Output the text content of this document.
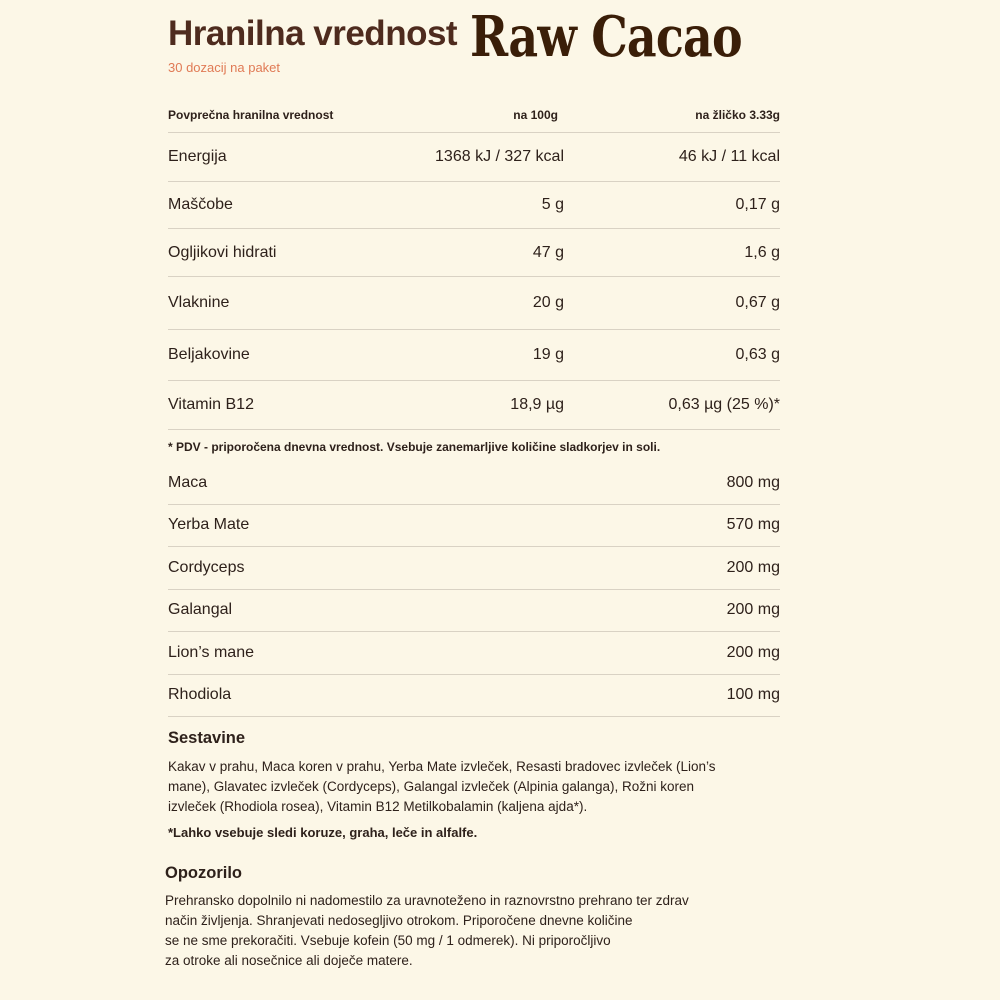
Hranilna vrednost Raw Cacao
30 dozacij na paket
Povprečna hranilna vrednost	na 100g	na žličko 3.33g
Energija	1368 kJ / 327 kcal	46 kJ / 11 kcal
Maščobe	5 g	0,17 g
Ogljikovi hidrati	47 g	1,6 g
Vlaknine	20 g	0,67 g
Beljakovine	19 g	0,63 g
Vitamin B12	18,9 µg	0,63 µg (25 %)*
* PDV - priporočena dnevna vrednost. Vsebuje zanemarljive količine sladkorjev in soli.
Maca	800 mg
Yerba Mate	570 mg
Cordyceps	200 mg
Galangal	200 mg
Lion’s mane	200 mg
Rhodiola	100 mg
Sestavine
Kakav v prahu, Maca koren v prahu, Yerba Mate izvleček, Resasti bradovec izvleček (Lion’s
mane), Glavatec izvleček (Cordyceps), Galangal izvleček (Alpinia galanga), Rožni koren
izvleček (Rhodiola rosea), Vitamin B12 Metilkobalamin (kaljena ajda*).
*Lahko vsebuje sledi koruze, graha, leče in alfalfe.
Opozorilo
Prehransko dopolnilo ni nadomestilo za uravnoteženo in raznovrstno prehrano ter zdrav
način življenja. Shranjevati nedosegljivo otrokom. Priporočene dnevne količine
se ne sme prekoračiti. Vsebuje kofein (50 mg / 1 odmerek). Ni priporočljivo
za otroke ali nosečnice ali doječe matere.
